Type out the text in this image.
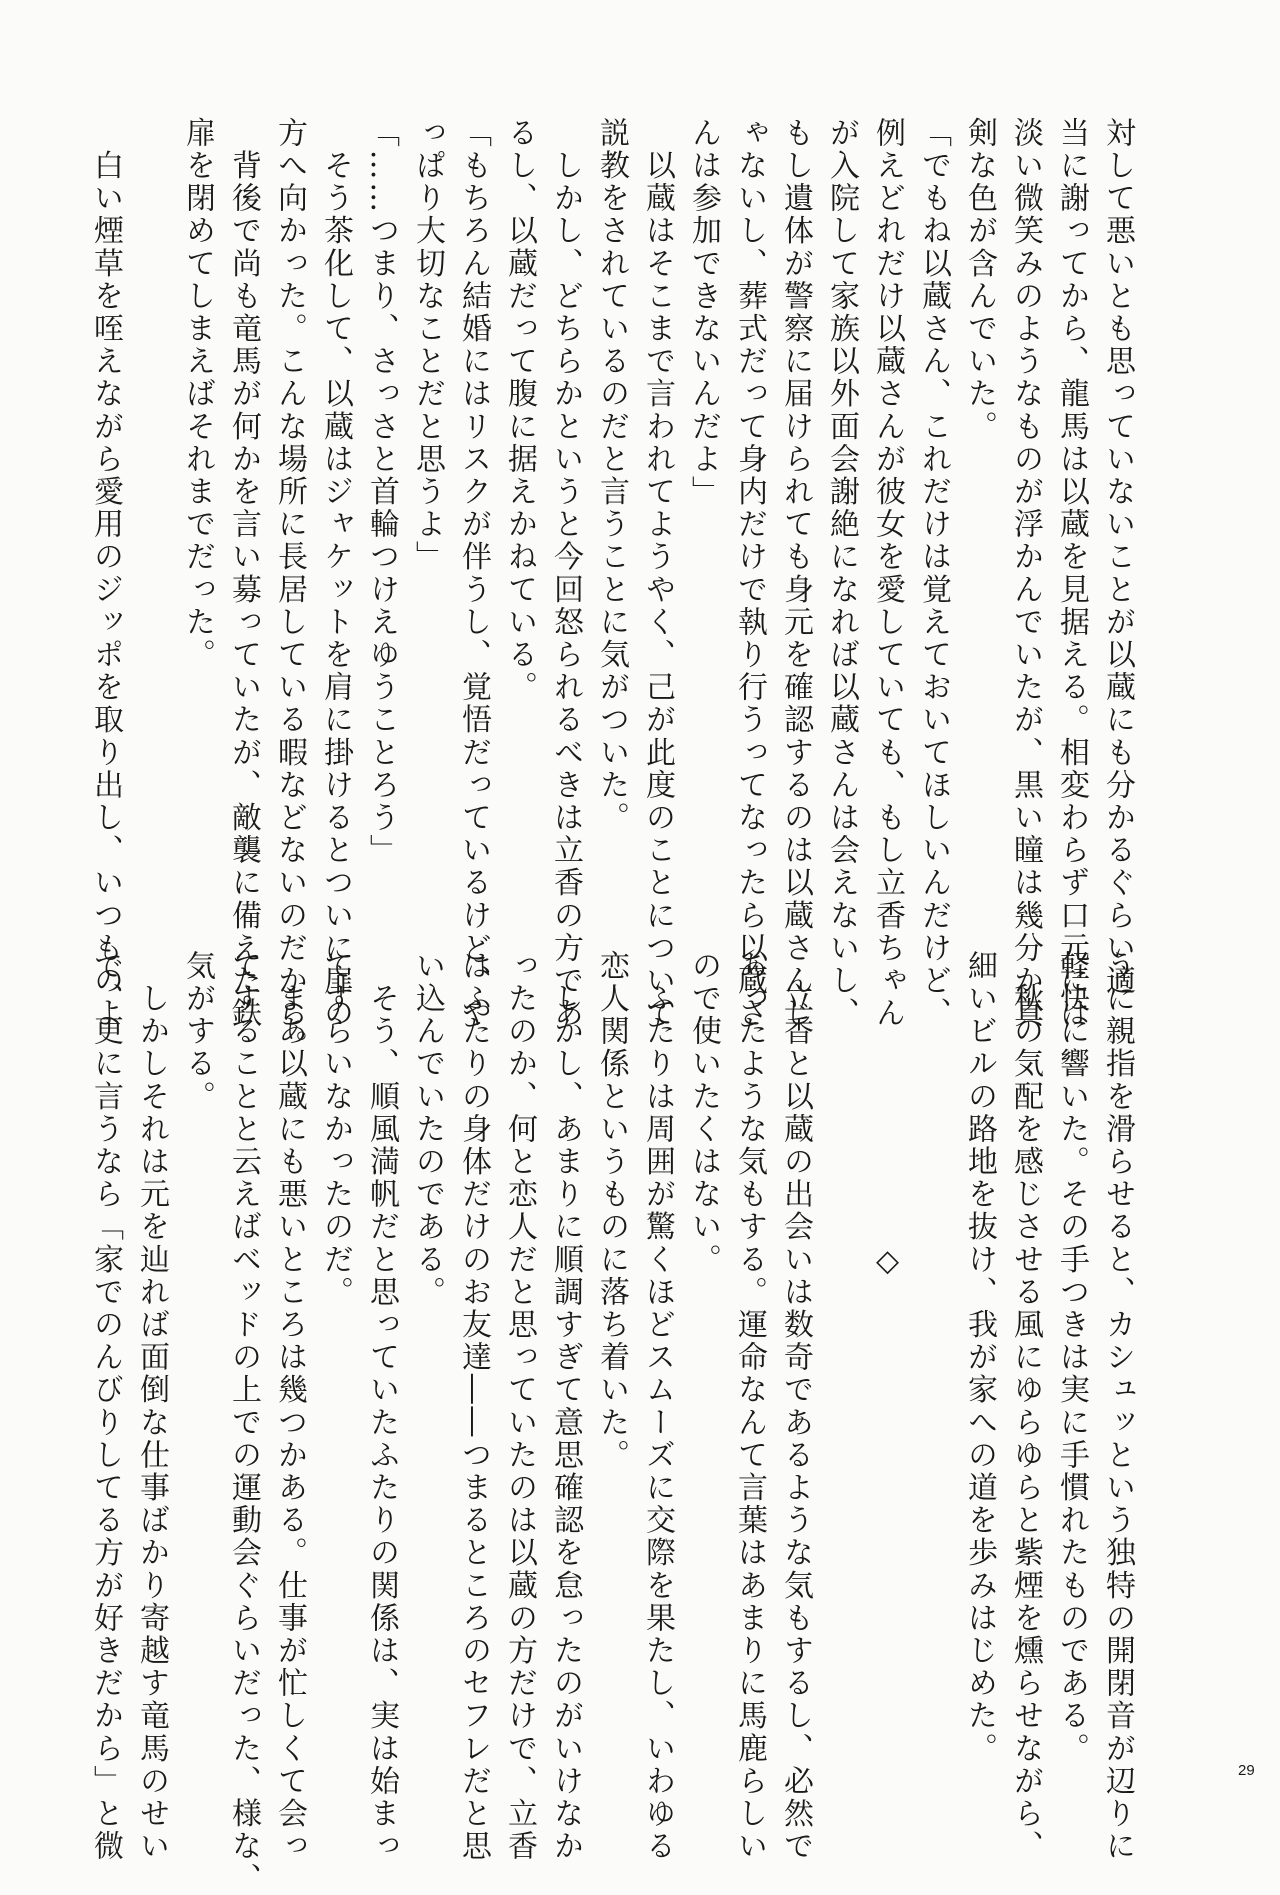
対して悪いとも思っていないことが以蔵にも分かるぐらい適
当に謝ってから、龍馬は以蔵を見据える。相変わらず口元には
淡い微笑みのようなものが浮かんでいたが、黒い瞳は幾分か真
剣な色が含んでいた。
「でもね以蔵さん、これだけは覚えておいてほしいんだけど、
例えどれだけ以蔵さんが彼女を愛していても、もし立香ちゃん
が入院して家族以外面会謝絶になれば以蔵さんは会えないし、
もし遺体が警察に届けられても身元を確認するのは以蔵さんじ
ゃないし、葬式だって身内だけで執り行うってなったら以蔵さ
んは参加できないんだよ」
　以蔵はそこまで言われてようやく、己が此度のことについて
説教をされているのだと言うことに気がついた。
　しかし、どちらかというと今回怒られるべきは立香の方であ
るし、以蔵だって腹に据えかねている。
「もちろん結婚にはリスクが伴うし、覚悟だっているけど、や
っぱり大切なことだと思うよ」
「……つまり、さっさと首輪つけえゆうことろう」
　そう茶化して、以蔵はジャケットを肩に掛けるとついに扉の
方へ向かった。こんな場所に長居している暇などないのだから。
　背後で尚も竜馬が何かを言い募っていたが、敵襲に備えた鉄
扉を閉めてしまえばそれまでだった。

　白い煙草を咥えながら愛用のジッポを取り出し、いつものよ
うに親指を滑らせると、カシュッという独特の開閉音が辺りに
軽快に響いた。その手つきは実に手慣れたものである。
　秋の気配を感じさせる風にゆらゆらと紫煙を燻らせながら、
細いビルの路地を抜け、我が家への道を歩みはじめた。

　　　　　　　　　◇

　立香と以蔵の出会いは数奇であるような気もするし、必然で
あったような気もする。運命なんて言葉はあまりに馬鹿らしい
ので使いたくはない。
　ふたりは周囲が驚くほどスムーズに交際を果たし、いわゆる
恋人関係というものに落ち着いた。
　しかし、あまりに順調すぎて意思確認を怠ったのがいけなか
ったのか、何と恋人だと思っていたのは以蔵の方だけで、立香
はふたりの身体だけのお友達――つまるところのセフレだと思
い込んでいたのである。
　そう、順風満帆だと思っていたふたりの関係は、実は始まっ
てすらいなかったのだ。
　まあ以蔵にも悪いところは幾つかある。仕事が忙しくて会っ
てすることと云えばベッドの上での運動会ぐらいだった、様な、
気がする。
　しかしそれは元を辿れば面倒な仕事ばかり寄越す竜馬のせい
で、更に言うなら「家でのんびりしてる方が好きだから」と微	29
